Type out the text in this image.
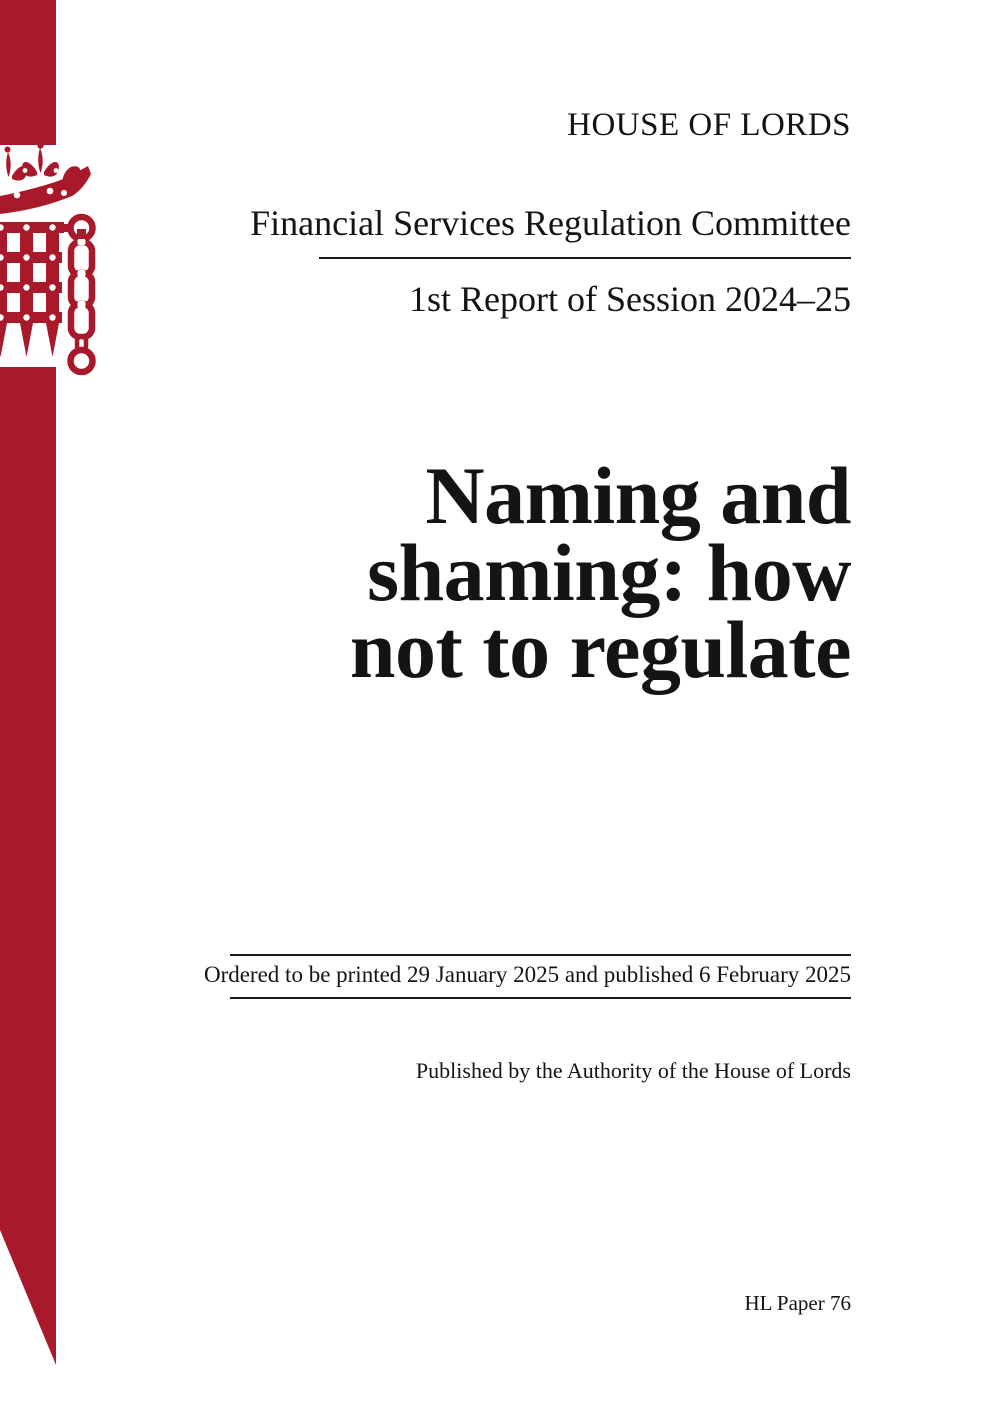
HOUSE OF LORDS
Financial Services Regulation Committee
1st Report of Session 2024–25
Naming and
shaming: how
not to regulate
Ordered to be printed 29 January 2025 and published 6 February 2025
Published by the Authority of the House of Lords
HL Paper 76
